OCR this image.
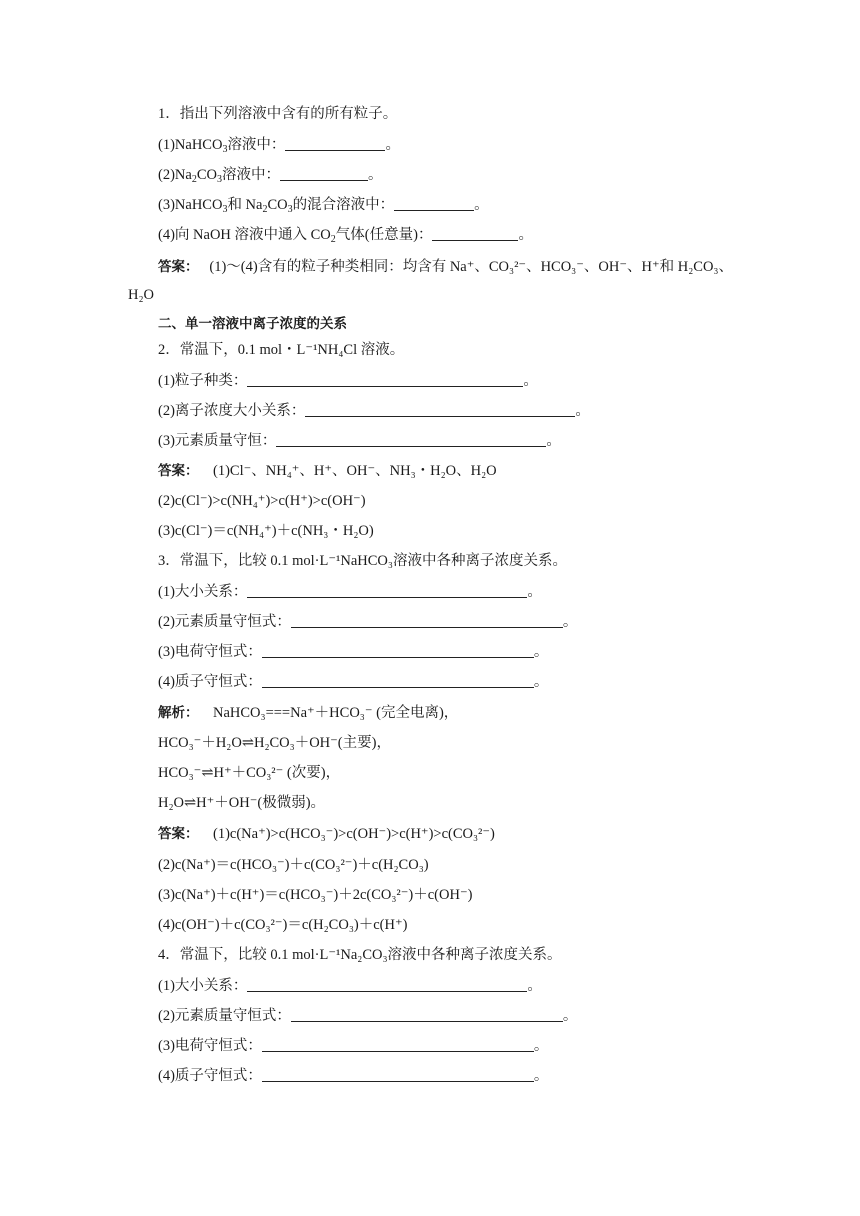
1．指出下列溶液中含有的所有粒子。
(1)NaHCO$_3$溶液中：	。
$(2)Na_2CO_3$溶液中：	。
(3)NaHCO$_3$和 $Na_2CO_3$的混合溶液中：	。
(4)向 NaOH 溶液中通入 $CO_2$气体(任意量)：	。
答案： (1)～(4)含有的粒子种类相同：均含有 Na⁺、CO₃²⁻、HCO₃⁻、OH⁻、H⁺和 H₂CO₃、
H₂O
二、单一溶液中离子浓度的关系
2．常温下，0.1 mol・L⁻¹NH₄Cl 溶液。
(1)粒子种类：	。
(2)离子浓度大小关系：	。
(3)元素质量守恒：	。
答案： (1)Cl⁻、NH₄⁺、H⁺、OH⁻、NH₃・H₂O、H₂O
(2)c(Cl⁻)>c(NH₄⁺)>c(H⁺)>c(OH⁻)
(3)c(Cl⁻)＝c(NH₄⁺)＋c(NH₃・H₂O)
3．常温下，比较 0.1 mol·L⁻¹NaHCO₃溶液中各种离子浓度关系。
(1)大小关系：	。
(2)元素质量守恒式：	。
(3)电荷守恒式：	。
(4)质子守恒式：	。
解析： NaHCO₃===Na⁺＋HCO₃⁻ (完全电离)，
HCO₃⁻＋H₂O⇌H₂CO₃＋OH⁻(主要)，
HCO₃⁻⇌H⁺＋CO₃²⁻ (次要)，
H₂O⇌H⁺＋OH⁻(极微弱)。
答案： (1)c(Na⁺)>c(HCO₃⁻)>c(OH⁻)>c(H⁺)>c(CO₃²⁻)
(2)c(Na⁺)＝c(HCO₃⁻)＋c(CO₃²⁻)＋c(H₂CO₃)
(3)c(Na⁺)＋c(H⁺)＝c(HCO₃⁻)＋2c(CO₃²⁻)＋c(OH⁻)
(4)c(OH⁻)＋c(CO₃²⁻)＝c(H₂CO₃)＋c(H⁺)
4．常温下，比较 0.1 mol·L⁻¹Na₂CO₃溶液中各种离子浓度关系。
(1)大小关系：	。
(2)元素质量守恒式：	。
(3)电荷守恒式：	。
(4)质子守恒式：	。
